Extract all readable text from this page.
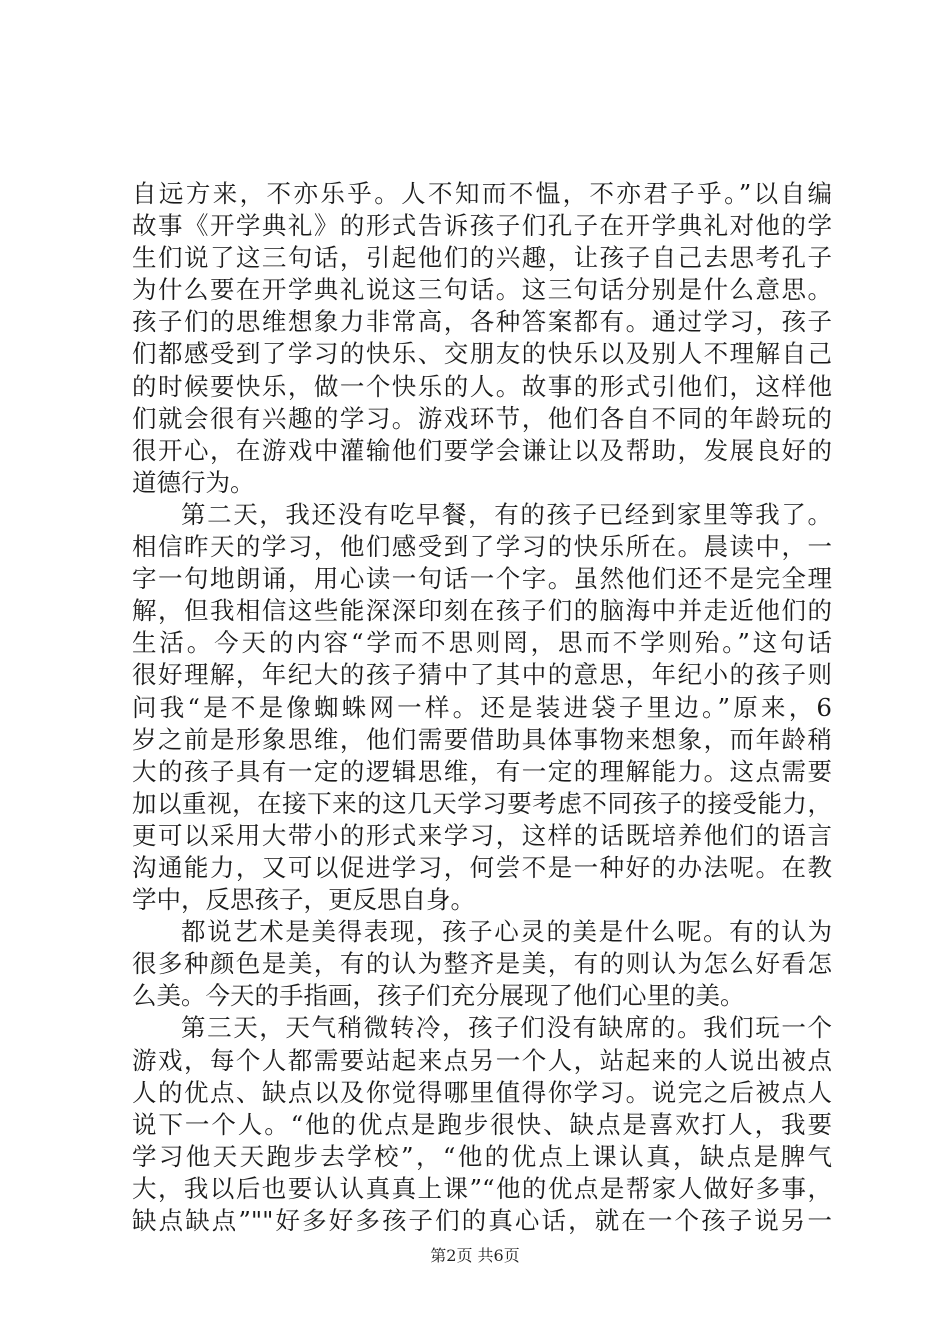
自远方来，不亦乐乎。人不知而不愠，不亦君子乎。”以自编
故事《开学典礼》的形式告诉孩子们孔子在开学典礼对他的学
生们说了这三句话，引起他们的兴趣，让孩子自己去思考孔子
为什么要在开学典礼说这三句话。这三句话分别是什么意思。
孩子们的思维想象力非常高，各种答案都有。通过学习，孩子
们都感受到了学习的快乐、交朋友的快乐以及别人不理解自己
的时候要快乐，做一个快乐的人。故事的形式引他们，这样他
们就会很有兴趣的学习。游戏环节，他们各自不同的年龄玩的
很开心，在游戏中灌输他们要学会谦让以及帮助，发展良好的
道德行为。
第二天，我还没有吃早餐，有的孩子已经到家里等我了。
相信昨天的学习，他们感受到了学习的快乐所在。晨读中，一
字一句地朗诵，用心读一句话一个字。虽然他们还不是完全理
解，但我相信这些能深深印刻在孩子们的脑海中并走近他们的
生活。今天的内容“学而不思则罔，思而不学则殆。”这句话
很好理解，年纪大的孩子猜中了其中的意思，年纪小的孩子则
问我“是不是像蜘蛛网一样。还是装进袋子里边。”原来，6
岁之前是形象思维，他们需要借助具体事物来想象，而年龄稍
大的孩子具有一定的逻辑思维，有一定的理解能力。这点需要
加以重视，在接下来的这几天学习要考虑不同孩子的接受能力，
更可以采用大带小的形式来学习，这样的话既培养他们的语言
沟通能力，又可以促进学习，何尝不是一种好的办法呢。在教
学中，反思孩子，更反思自身。
都说艺术是美得表现，孩子心灵的美是什么呢。有的认为
很多种颜色是美，有的认为整齐是美，有的则认为怎么好看怎
么美。今天的手指画，孩子们充分展现了他们心里的美。
第三天，天气稍微转冷，孩子们没有缺席的。我们玩一个
游戏，每个人都需要站起来点另一个人，站起来的人说出被点
人的优点、缺点以及你觉得哪里值得你学习。说完之后被点人
说下一个人。“他的优点是跑步很快、缺点是喜欢打人，我要
学习他天天跑步去学校”，“他的优点上课认真，缺点是脾气
大，我以后也要认认真真上课”“他的优点是帮家人做好多事，
缺点缺点”""好多好多孩子们的真心话，就在一个孩子说另一
第2页 共6页
